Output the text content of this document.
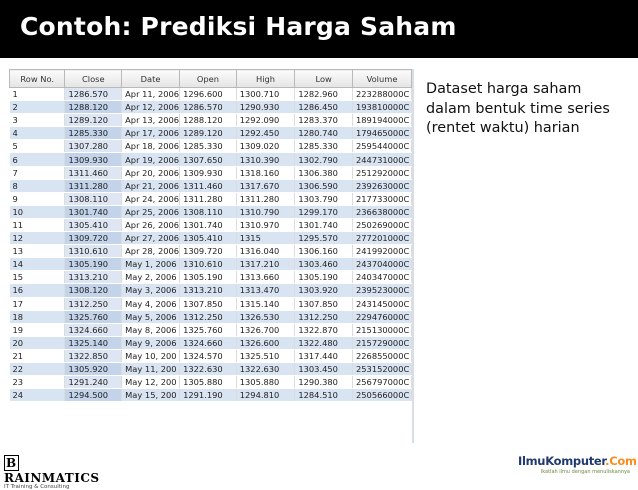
Contoh: Prediksi Harga Saham
Row No.	Close	Date	Open	High	Low	Volume
1	1286.570	Apr 11, 2006	1296.600	1300.710	1282.960	223288000C
2	1288.120	Apr 12, 2006	1286.570	1290.930	1286.450	193810000C
3	1289.120	Apr 13, 2006	1288.120	1292.090	1283.370	189194000C
4	1285.330	Apr 17, 2006	1289.120	1292.450	1280.740	179465000C
5	1307.280	Apr 18, 2006	1285.330	1309.020	1285.330	259544000C
6	1309.930	Apr 19, 2006	1307.650	1310.390	1302.790	244731000C
7	1311.460	Apr 20, 2006	1309.930	1318.160	1306.380	251292000C
8	1311.280	Apr 21, 2006	1311.460	1317.670	1306.590	239263000C
9	1308.110	Apr 24, 2006	1311.280	1311.280	1303.790	217733000C
10	1301.740	Apr 25, 2006	1308.110	1310.790	1299.170	236638000C
11	1305.410	Apr 26, 2006	1301.740	1310.970	1301.740	250269000C
12	1309.720	Apr 27, 2006	1305.410	1315	1295.570	277201000C
13	1310.610	Apr 28, 2006	1309.720	1316.040	1306.160	241992000C
14	1305.190	May 1, 2006	1310.610	1317.210	1303.460	243704000C
15	1313.210	May 2, 2006	1305.190	1313.660	1305.190	240347000C
16	1308.120	May 3, 2006	1313.210	1313.470	1303.920	239523000C
17	1312.250	May 4, 2006	1307.850	1315.140	1307.850	243145000C
18	1325.760	May 5, 2006	1312.250	1326.530	1312.250	229476000C
19	1324.660	May 8, 2006	1325.760	1326.700	1322.870	215130000C
20	1325.140	May 9, 2006	1324.660	1326.600	1322.480	215729000C
21	1322.850	May 10, 200	1324.570	1325.510	1317.440	226855000C
22	1305.920	May 11, 200	1322.630	1322.630	1303.450	253152000C
23	1291.240	May 12, 200	1305.880	1305.880	1290.380	256797000C
24	1294.500	May 15, 200	1291.190	1294.810	1284.510	250566000C
Dataset harga saham dalam bentuk time series (rentet waktu) harian
BRAINMATICS
IT Training & Consulting
IlmuKomputer.Com
Ikatlah ilmu dengan menuliskannya
